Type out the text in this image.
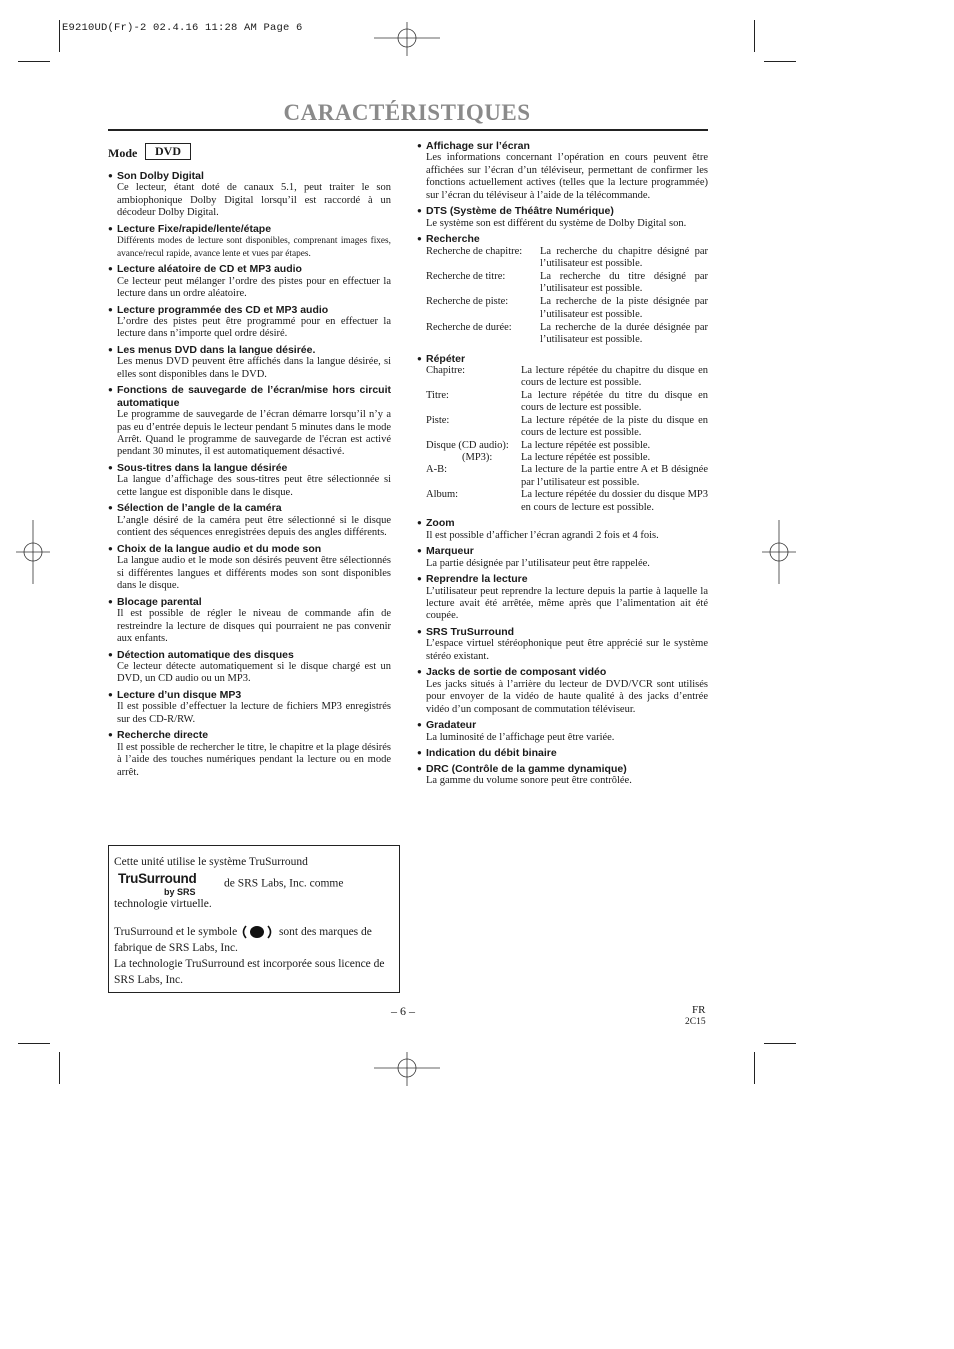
E9210UD(Fr)-2 02.4.16 11:28 AM Page 6
CARACTÉRISTIQUES
Mode	DVD
● Son Dolby Digital
Ce lecteur, étant doté de canaux 5.1, peut traiter le son ambiophonique Dolby Digital lorsqu’il est raccordé à un décodeur Dolby Digital.
● Lecture Fixe/rapide/lente/étape
Différents modes de lecture sont disponibles, comprenant images fixes, avance/recul rapide, avance lente et vues par étapes.
● Lecture aléatoire de CD et MP3 audio
Ce lecteur peut mélanger l’ordre des pistes pour en effectuer la lecture dans un ordre aléatoire.
● Lecture programmée des CD et MP3 audio
L’ordre des pistes peut être programmé pour en effectuer la lecture dans n’importe quel ordre désiré.
● Les menus DVD dans la langue désirée.
Les menus DVD peuvent être affichés dans la langue désirée, si elles sont disponibles dans le DVD.
● Fonctions de sauvegarde de l’écran/mise hors circuit automatique
Le programme de sauvegarde de l’écran démarre lorsqu’il n’y a pas eu d’entrée depuis le lecteur pendant 5 minutes dans le mode Arrêt. Quand le programme de sauvegarde de l'écran est activé pendant 30 minutes, il est automatiquement désactivé.
● Sous-titres dans la langue désirée
La langue d’affichage des sous-titres peut être sélectionnée si cette langue est disponible dans le disque.
● Sélection de l’angle de la caméra
L’angle désiré de la caméra peut être sélectionné si le disque contient des séquences enregistrées depuis des angles différents.
● Choix de la langue audio et du mode son
La langue audio et le mode son désirés peuvent être sélectionnés si différentes langues et différents modes son sont disponibles dans le disque.
● Blocage parental
Il est possible de régler le niveau de commande afin de restreindre la lecture de disques qui pourraient ne pas convenir aux enfants.
● Détection automatique des disques
Ce lecteur détecte automatiquement si le disque chargé est un DVD, un CD audio ou un MP3.
● Lecture d’un disque MP3
Il est possible d’effectuer la lecture de fichiers MP3 enregistrés sur des CD-R/RW.
● Recherche directe
Il est possible de rechercher le titre, le chapitre et la plage désirés à l’aide des touches numériques pendant la lecture ou en mode arrêt.
● Affichage sur l’écran
Les informations concernant l’opération en cours peuvent être affichées sur l’écran d’un téléviseur, permettant de confirmer les fonctions actuellement actives (telles que la lecture programmée) sur l’écran du téléviseur à l’aide de la télécommande.
● DTS (Système de Théâtre Numérique)
Le système son est différent du système de Dolby Digital son.
● Recherche
Recherche de chapitre:	La recherche du chapitre désigné par l’utilisateur est possible.
Recherche de titre:	La recherche du titre désigné par l’utilisateur est possible.
Recherche de piste:	La recherche de la piste désignée par l’utilisateur est possible.
Recherche de durée:	La recherche de la durée désignée par l’utilisateur est possible.
● Répéter
Chapitre:	La lecture répétée du chapitre du disque en cours de lecture est possible.
Titre:	La lecture répétée du titre du disque en cours de lecture est possible.
Piste:	La lecture répétée de la piste du disque en cours de lecture est possible.
Disque (CD audio):	La lecture répétée est possible.
(MP3):	La lecture répétée est possible.
A-B:	La lecture de la partie entre A et B désignée par l’utilisateur est possible.
Album:	La lecture répétée du dossier du disque MP3 en cours de lecture est possible.
● Zoom
Il est possible d’afficher l’écran agrandi 2 fois et 4 fois.
● Marqueur
La partie désignée par l’utilisateur peut être rappelée.
● Reprendre la lecture
L’utilisateur peut reprendre la lecture depuis la partie à laquelle la lecture avait été arrêtée, même après que l’alimentation ait été coupée.
● SRS TruSurround
L’espace virtuel stéréophonique peut être apprécié sur le système stéréo existant.
● Jacks de sortie de composant vidéo
Les jacks situés à l’arrière du lecteur de DVD/VCR sont utilisés pour envoyer de la vidéo de haute qualité à des jacks d’entrée vidéo d’un composant de commutation téléviseur.
● Gradateur
La luminosité de l’affichage peut être variée.
● Indication du débit binaire
● DRC (Contrôle de la gamme dynamique)
La gamme du volume sonore peut être contrôlée.
Cette unité utilise le système TruSurround
TruSurround
by SRS
de SRS Labs, Inc. comme technologie virtuelle.
TruSurround et le symbole	sont des marques de fabrique de SRS Labs, Inc.
La technologie TruSurround est incorporée sous licence de SRS Labs, Inc.
– 6 –	FR
2C15
